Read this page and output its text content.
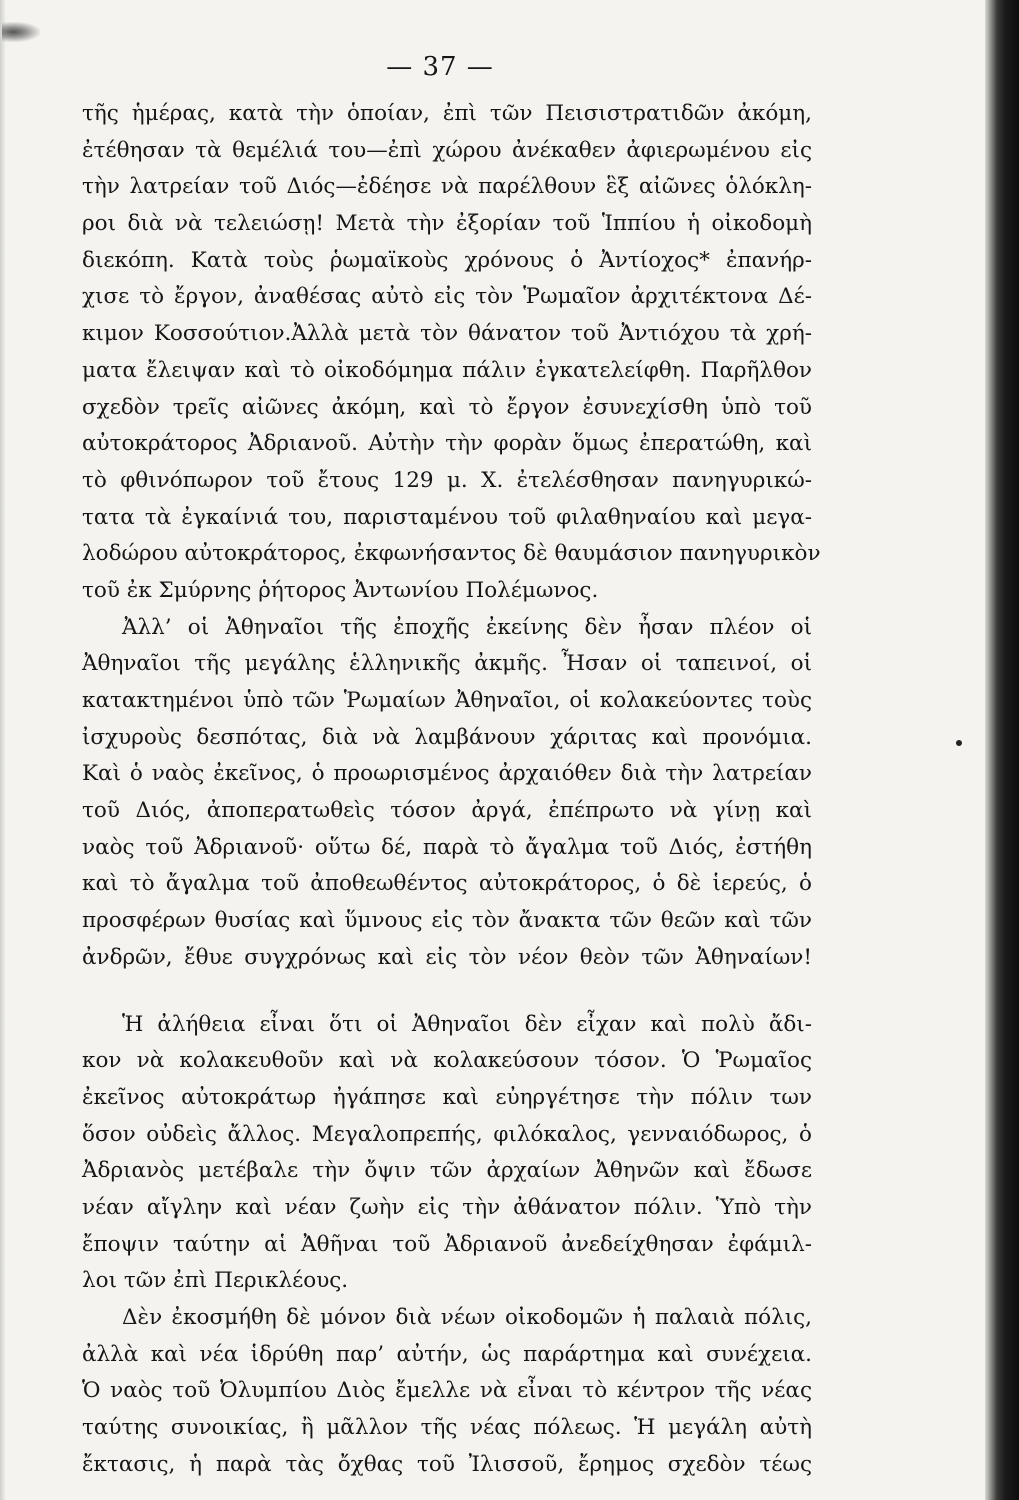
— 37 —
τῆς ἡμέρας, κατὰ τὴν ὁποίαν, ἐπὶ τῶν Πεισιστρατιδῶν ἀκόμη,
ἐτέθησαν τὰ θεμέλιά του—ἐπὶ χώρου ἀνέκαθεν ἀφιερωμένου εἰς
τὴν λατρείαν τοῦ Διός—ἐδέησε νὰ παρέλθουν ἓξ αἰῶνες ὁλόκλη-
ροι διὰ νὰ τελειώσῃ! Μετὰ τὴν ἐξορίαν τοῦ Ἱππίου ἡ οἰκοδομὴ
διεκόπη. Κατὰ τοὺς ῥωμαϊκοὺς χρόνους ὁ Ἀντίοχος* ἐπανήρ-
χισε τὸ ἔργον, ἀναθέσας αὐτὸ εἰς τὸν Ῥωμαῖον ἀρχιτέκτονα Δέ-
κιμον Κοσσούτιον.Ἀλλὰ μετὰ τὸν θάνατον τοῦ Ἀντιόχου τὰ χρή-
ματα ἔλειψαν καὶ τὸ οἰκοδόμημα πάλιν ἐγκατελείφθη. Παρῆλθον
σχεδὸν τρεῖς αἰῶνες ἀκόμη, καὶ τὸ ἔργον ἐσυνεχίσθη ὑπὸ τοῦ
αὐτοκράτορος Ἀδριανοῦ. Αὐτὴν τὴν φορὰν ὅμως ἐπερατώθη, καὶ
τὸ φθινόπωρον τοῦ ἔτους 129 μ. Χ. ἐτελέσθησαν πανηγυρικώ-
τατα τὰ ἐγκαίνιά του, παρισταμένου τοῦ φιλαθηναίου καὶ μεγα-
λοδώρου αὐτοκράτορος, ἐκφωνήσαντος δὲ θαυμάσιον πανηγυρικὸν
τοῦ ἐκ Σμύρνης ῥήτορος Ἀντωνίου Πολέμωνος.
Ἀλλ’ οἱ Ἀθηναῖοι τῆς ἐποχῆς ἐκείνης δὲν ἦσαν πλέον οἱ
Ἀθηναῖοι τῆς μεγάλης ἑλληνικῆς ἀκμῆς. Ἦσαν οἱ ταπεινοί, οἱ
κατακτημένοι ὑπὸ τῶν Ῥωμαίων Ἀθηναῖοι, οἱ κολακεύοντες τοὺς
ἰσχυροὺς δεσπότας, διὰ νὰ λαμβάνουν χάριτας καὶ προνόμια.
Καὶ ὁ ναὸς ἐκεῖνος, ὁ προωρισμένος ἀρχαιόθεν διὰ τὴν λατρείαν
τοῦ Διός, ἀποπερατωθεὶς τόσον ἀργά, ἐπέπρωτο νὰ γίνῃ καὶ
ναὸς τοῦ Ἀδριανοῦ· οὕτω δέ, παρὰ τὸ ἄγαλμα τοῦ Διός, ἐστήθη
καὶ τὸ ἄγαλμα τοῦ ἀποθεωθέντος αὐτοκράτορος, ὁ δὲ ἱερεύς, ὁ
προσφέρων θυσίας καὶ ὕμνους εἰς τὸν ἄνακτα τῶν θεῶν καὶ τῶν
ἀνδρῶν, ἔθυε συγχρόνως καὶ εἰς τὸν νέον θεὸν τῶν Ἀθηναίων!
Ἡ ἀλήθεια εἶναι ὅτι οἱ Ἀθηναῖοι δὲν εἶχαν καὶ πολὺ ἄδι-
κον νὰ κολακευθοῦν καὶ νὰ κολακεύσουν τόσον. Ὁ Ῥωμαῖος
ἐκεῖνος αὐτοκράτωρ ἠγάπησε καὶ εὐηργέτησε τὴν πόλιν των
ὅσον οὐδεὶς ἄλλος. Μεγαλοπρεπής, φιλόκαλος, γενναιόδωρος, ὁ
Ἀδριανὸς μετέβαλε τὴν ὄψιν τῶν ἀρχαίων Ἀθηνῶν καὶ ἔδωσε
νέαν αἴγλην καὶ νέαν ζωὴν εἰς τὴν ἀθάνατον πόλιν. Ὑπὸ τὴν
ἔποψιν ταύτην αἱ Ἀθῆναι τοῦ Ἀδριανοῦ ἀνεδείχθησαν ἐφάμιλ-
λοι τῶν ἐπὶ Περικλέους.
Δὲν ἐκοσμήθη δὲ μόνον διὰ νέων οἰκοδομῶν ἡ παλαιὰ πόλις,
ἀλλὰ καὶ νέα ἱδρύθη παρ’ αὐτήν, ὡς παράρτημα καὶ συνέχεια.
Ὁ ναὸς τοῦ Ὀλυμπίου Διὸς ἔμελλε νὰ εἶναι τὸ κέντρον τῆς νέας
ταύτης συνοικίας, ἢ μᾶλλον τῆς νέας πόλεως. Ἡ μεγάλη αὐτὴ
ἔκτασις, ἡ παρὰ τὰς ὄχθας τοῦ Ἰλισσοῦ, ἔρημος σχεδὸν τέως
